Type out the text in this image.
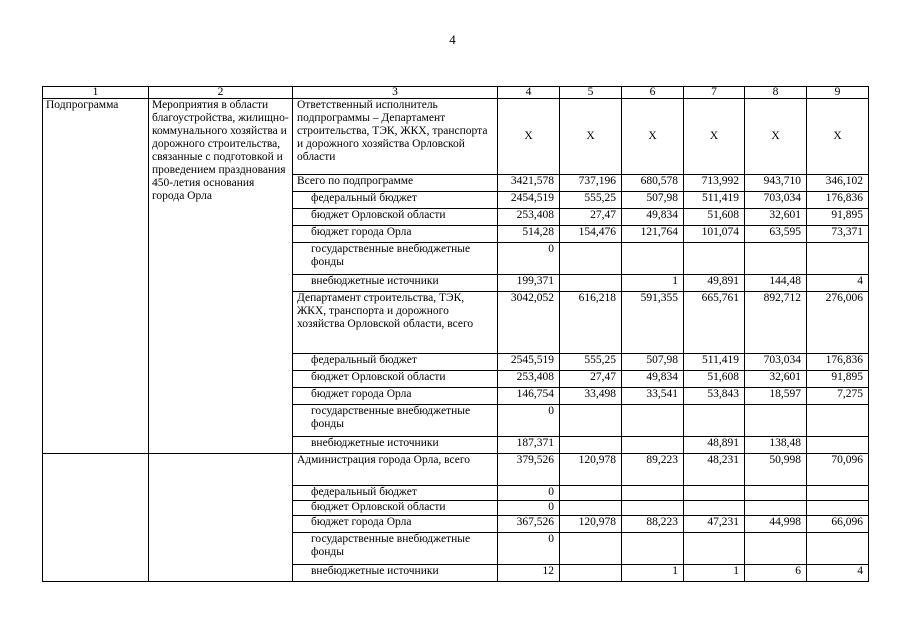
4
1	2	3	4	5	6	7	8	9
Подпрограмма	Мероприятия в области благоустройства, жилищно-коммунального хозяйства и дорожного строительства, связанные с подготовкой и проведением празднования 450-летия основания города Орла	Ответственный исполнитель подпрограммы – Департамент строительства, ТЭК, ЖКХ, транспорта и дорожного хозяйства Орловской области	Х	Х	Х	Х	Х	Х
		Всего по подпрограмме	3421,578	737,196	680,578	713,992	943,710	346,102
		федеральный бюджет	2454,519	555,25	507,98	511,419	703,034	176,836
		бюджет Орловской области	253,408	27,47	49,834	51,608	32,601	91,895
		бюджет города Орла	514,28	154,476	121,764	101,074	63,595	73,371
		государственные внебюджетные фонды	0					
		внебюджетные источники	199,371		1	49,891	144,48	4
		Департамент строительства, ТЭК, ЖКХ, транспорта и дорожного хозяйства Орловской области, всего	3042,052	616,218	591,355	665,761	892,712	276,006
		федеральный бюджет	2545,519	555,25	507,98	511,419	703,034	176,836
		бюджет Орловской области	253,408	27,47	49,834	51,608	32,601	91,895
		бюджет города Орла	146,754	33,498	33,541	53,843	18,597	7,275
		государственные внебюджетные фонды	0					
		внебюджетные источники	187,371			48,891	138,48	
		Администрация города Орла, всего	379,526	120,978	89,223	48,231	50,998	70,096
		федеральный бюджет	0					
		бюджет Орловской области	0					
		бюджет города Орла	367,526	120,978	88,223	47,231	44,998	66,096
		государственные внебюджетные фонды	0					
		внебюджетные источники	12		1	1	6	4
